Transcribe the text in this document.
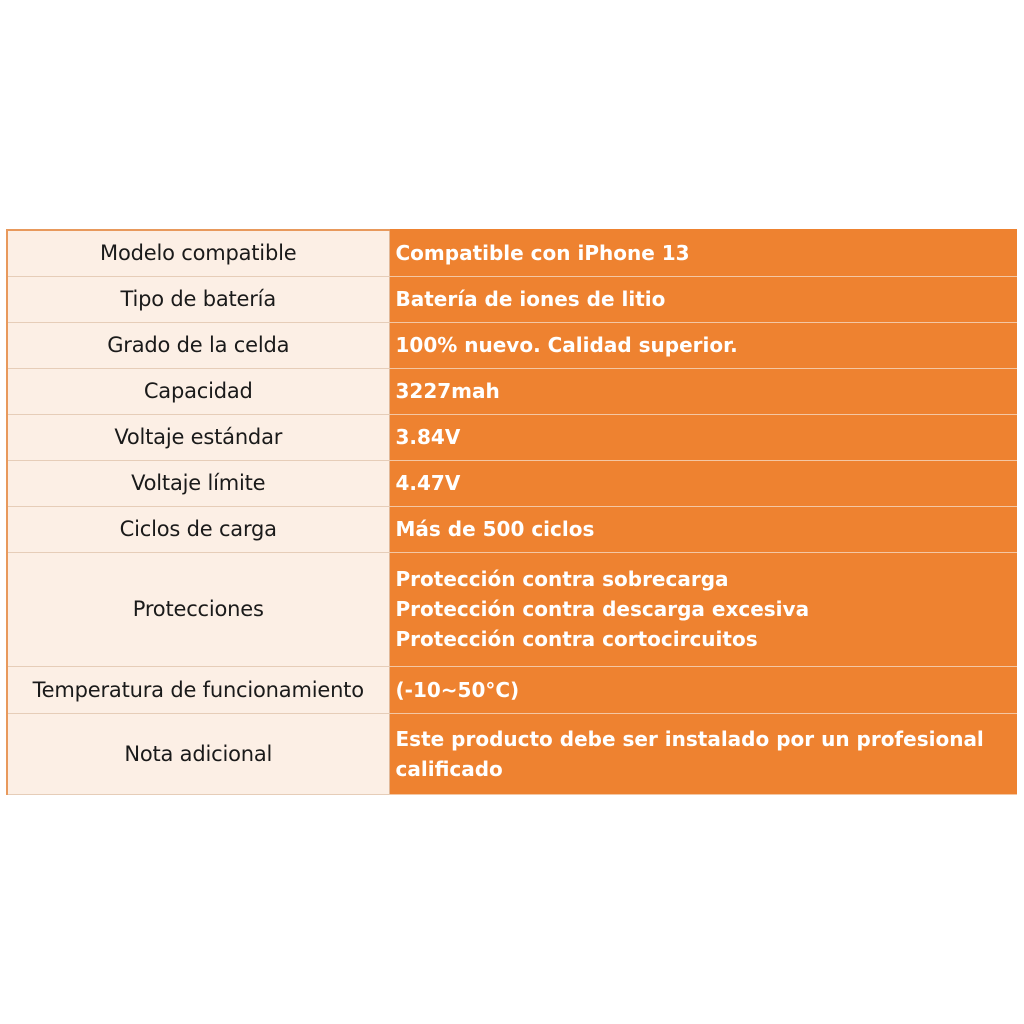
Modelo compatible	Compatible con iPhone 13

Tipo de batería	Batería de iones de litio

Grado de la celda	100% nuevo. Calidad superior.

Capacidad	3227mah

Voltaje estándar	3.84V

Voltaje límite	4.47V

Ciclos de carga	Más de 500 ciclos

Protecciones	Protección contra sobrecarga
Protección contra descarga excesiva
Protección contra cortocircuitos

Temperatura de funcionamiento	(-10~50°C)

Nota adicional	Este producto debe ser instalado por un profesional
calificado
